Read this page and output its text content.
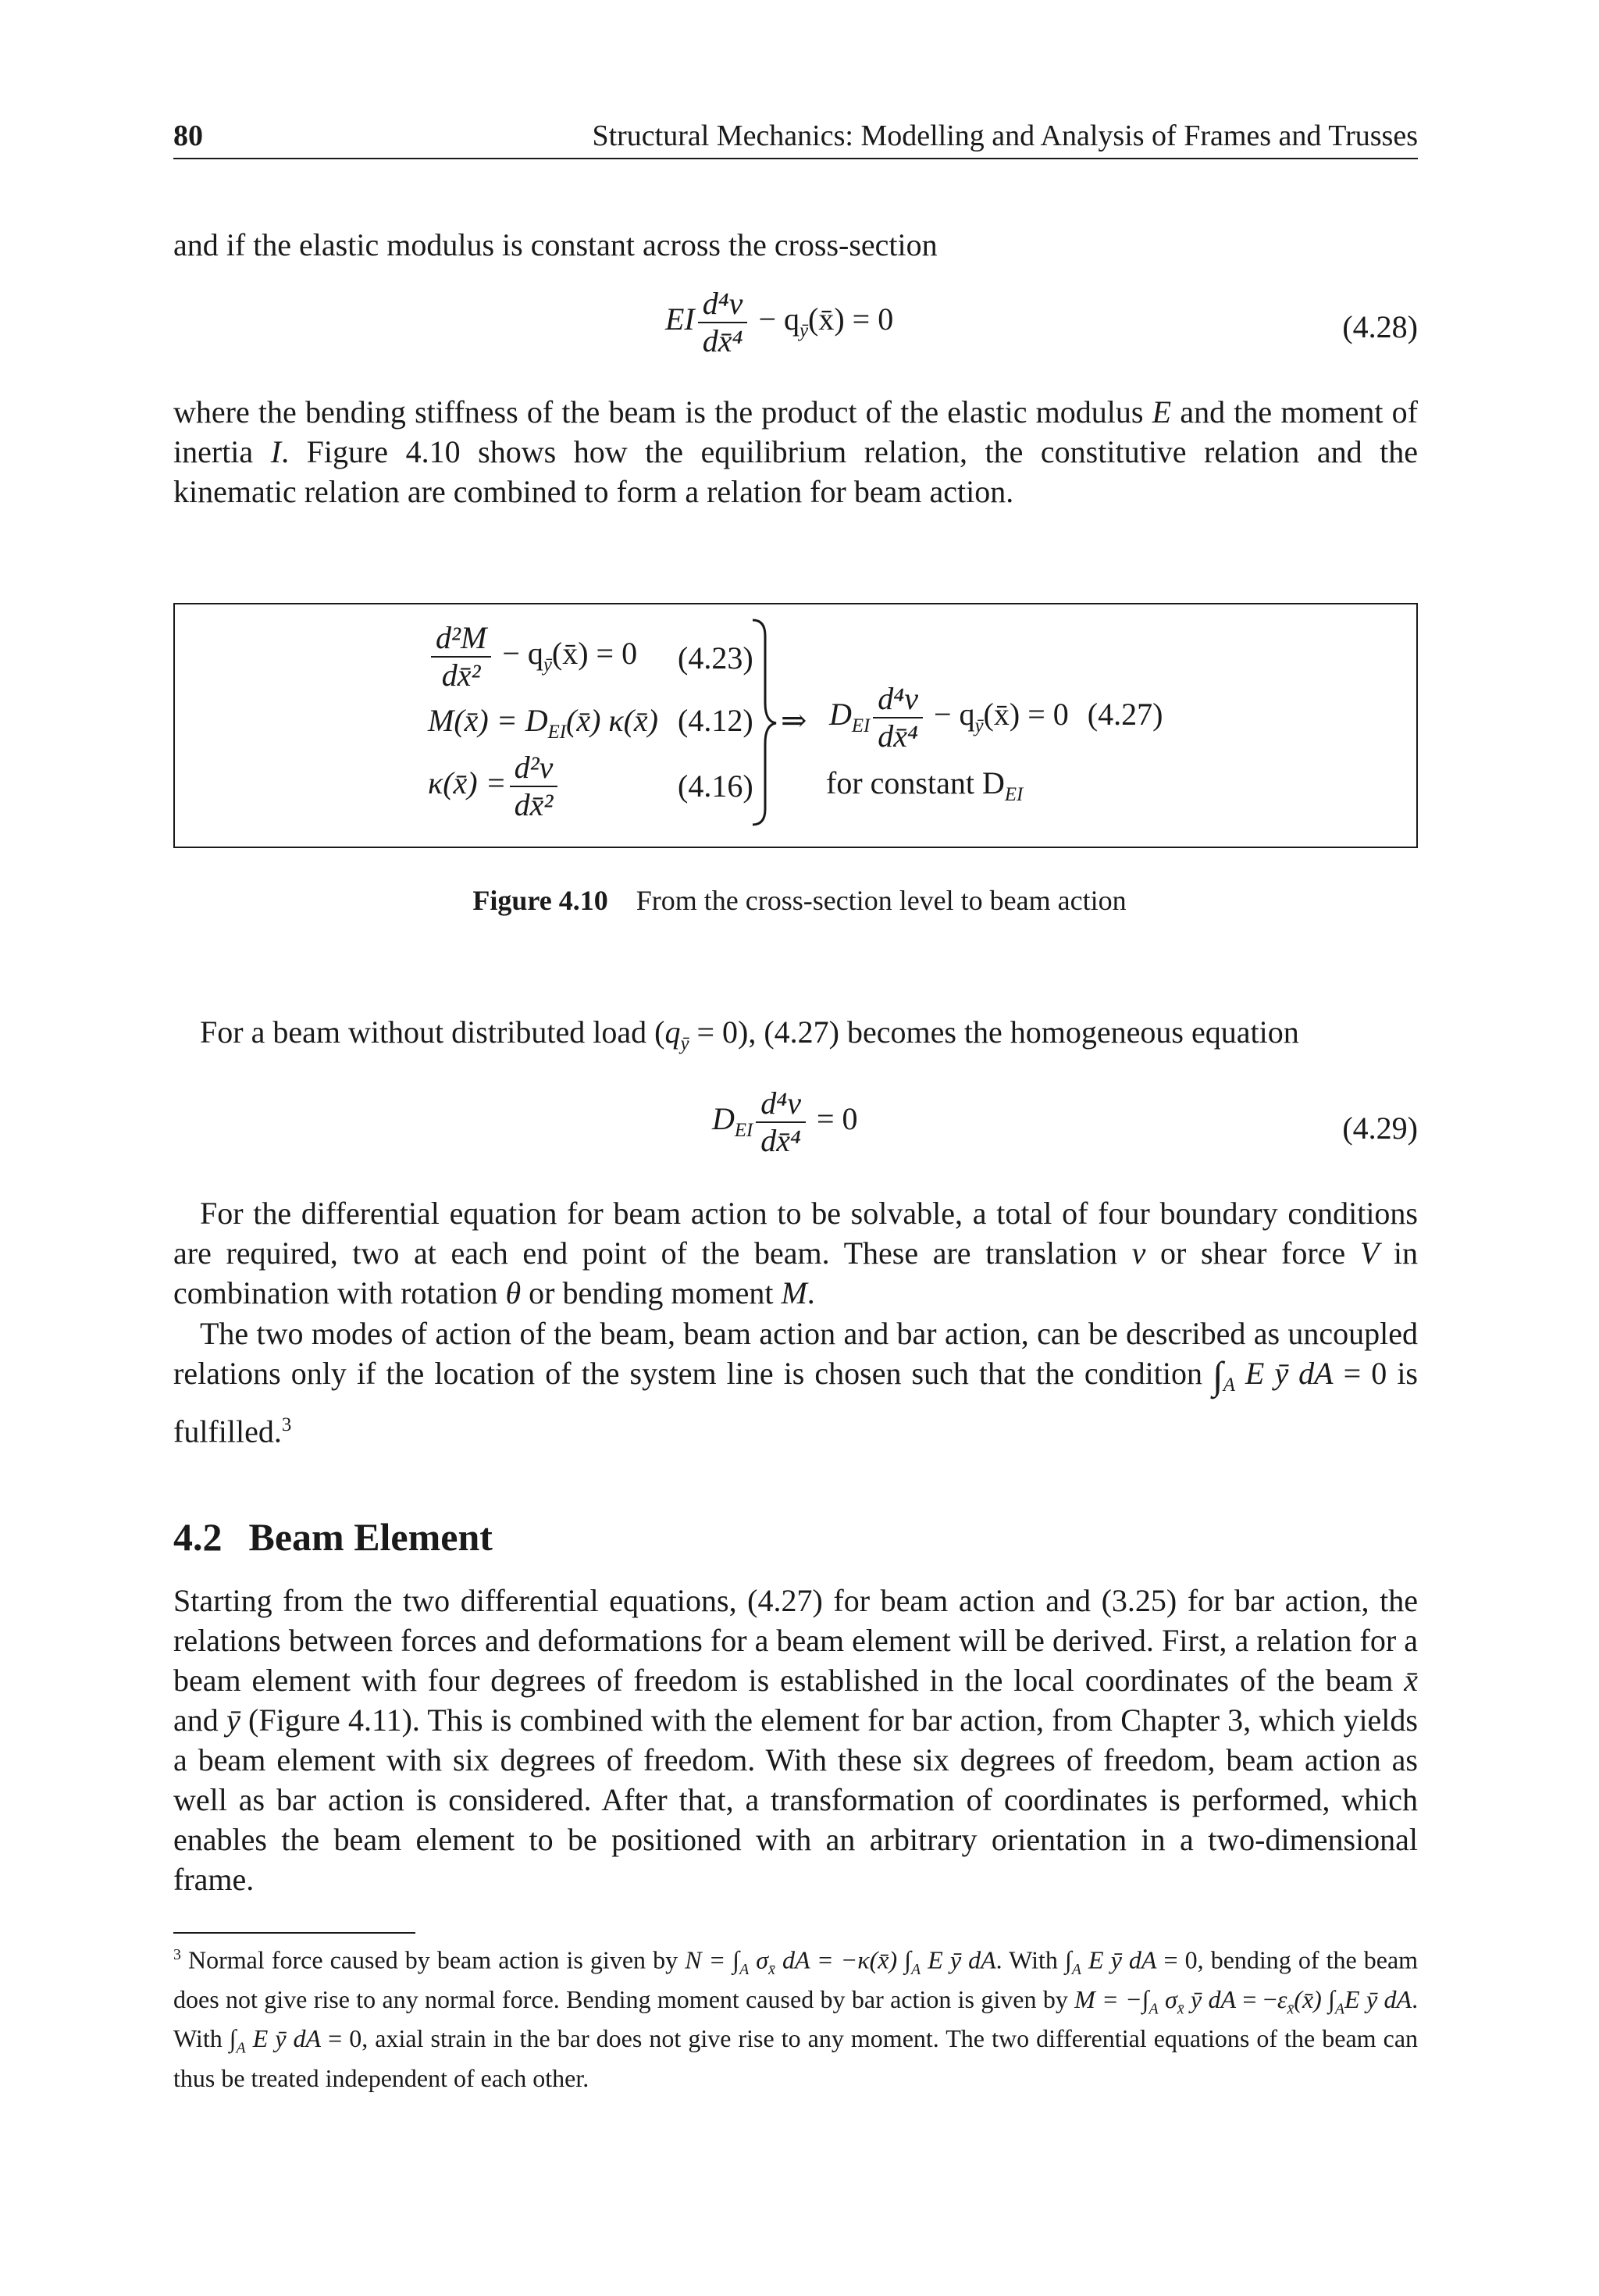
80	Structural Mechanics: Modelling and Analysis of Frames and Trusses
and if the elastic modulus is constant across the cross-section
EI $\frac{\text{d⁴v}}{\text{dx̄⁴}}$ − $q_ȳ(x̄) = 0$	(4.28)
where the bending stiffness of the beam is the product of the elastic modulus E and the moment of inertia I. Figure 4.10 shows how the equilibrium relation, the constitutive relation and the kinematic relation are combined to form a relation for beam action.
$\frac{\text{d²M}}{\text{dx̄²}}$ − $q_ȳ(x̄) = 0$ (4.23)
M(x̄) = $D_{EI}(x̄)$ κ(x̄) (4.12)
κ(x̄) = $\frac{\text{d²v}}{\text{dx̄²}}$	(4.16)
⇒ $D_{EI} \frac{\text{d⁴v}}{\text{dx̄⁴}}$ − $q_ȳ(x̄) = 0$ (4.27)
for constant $D_{EI}$
Figure 4.10 From the cross-section level to beam action
For a beam without distributed load $(q_ȳ = 0)$, (4.27) becomes the homogeneous equation
$D_{EI} \frac{\text{d⁴v}}{\text{dx̄⁴}} = 0$	(4.29)
For the differential equation for beam action to be solvable, a total of four boundary conditions are required, two at each end point of the beam. These are translation v or shear force V in combination with rotation θ or bending moment M.
The two modes of action of the beam, beam action and bar action, can be described as uncoupled relations only if the location of the system line is chosen such that the condition $\int_A$ E ȳ dA = 0 is fulfilled.$^3$
4.2 Beam Element
Starting from the two differential equations, (4.27) for beam action and (3.25) for bar action, the relations between forces and deformations for a beam element will be derived. First, a relation for a beam element with four degrees of freedom is established in the local coordinates of the beam x̄ and ȳ (Figure 4.11). This is combined with the element for bar action, from Chapter 3, which yields a beam element with six degrees of freedom. With these six degrees of freedom, beam action as well as bar action is considered. After that, a transformation of coordinates is performed, which enables the beam element to be positioned with an arbitrary orientation in a two-dimensional frame.
$^3$ Normal force caused by beam action is given by $N = \int_A$ $\sigma_{x̄}$ dA = −κ(x̄) $\int_A$ E ȳ dA. With $\int_A$ E ȳ dA = 0, bending of the beam does not give rise to any normal force. Bending moment caused by bar action is given by $M = -\int_A$ $\sigma_{x̄}$ ȳ dA = $-\varepsilon_{x̄}(x̄)$ $\int_AE$ ȳ dA. With $\int_A$ E ȳ dA = 0, axial strain in the bar does not give rise to any moment. The two differential equations of the beam can thus be treated independent of each other.
